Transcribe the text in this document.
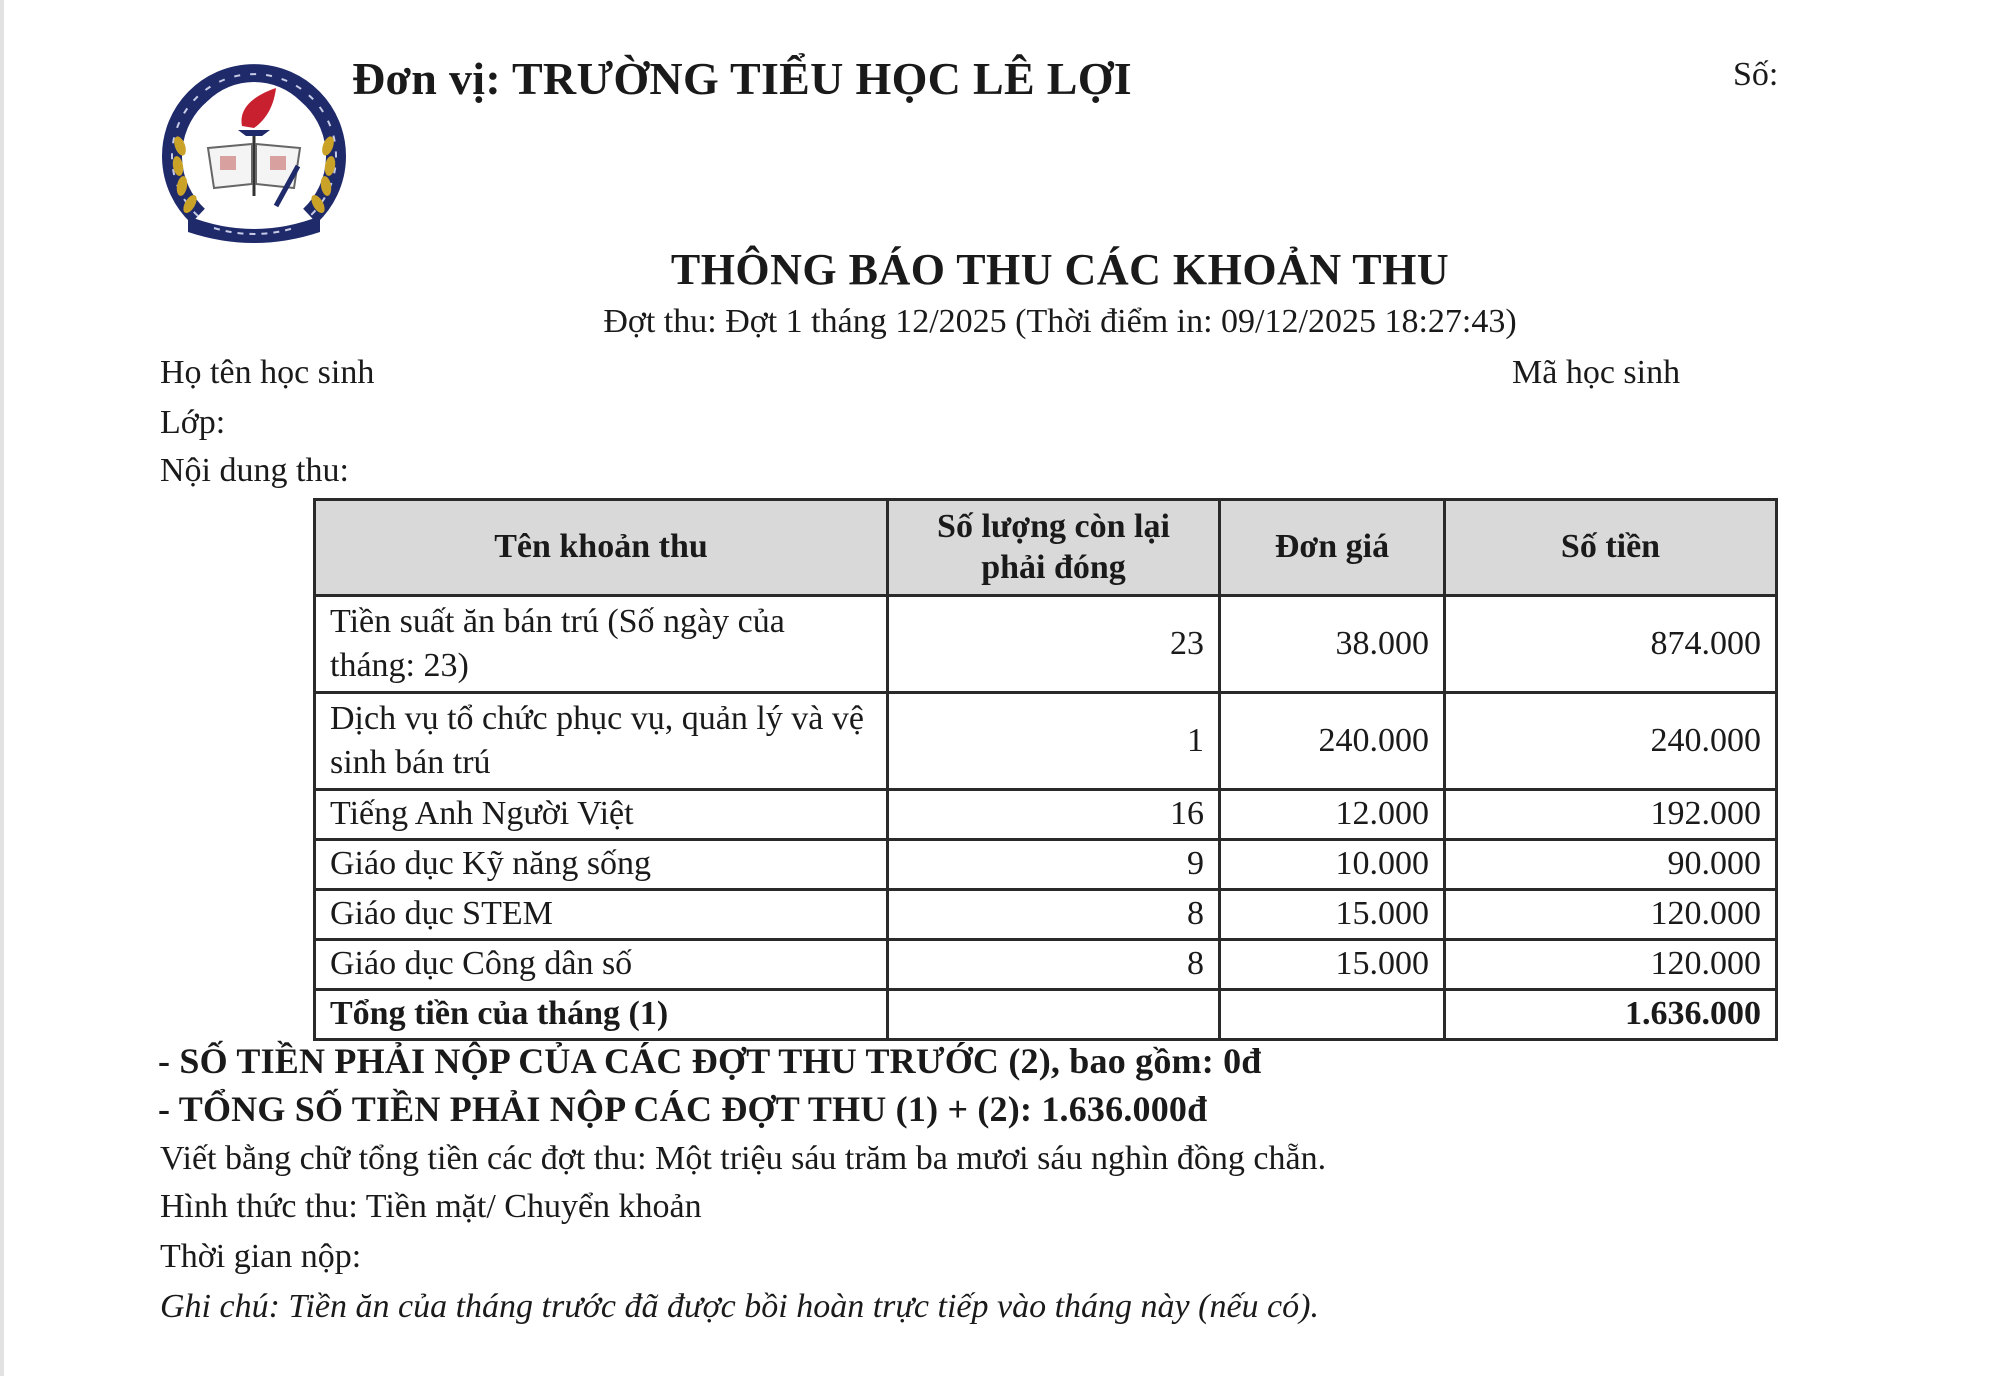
Đơn vị: TRƯỜNG TIỂU HỌC LÊ LỢI	Số:
THÔNG BÁO THU CÁC KHOẢN THU
Đợt thu: Đợt 1 tháng 12/2025 (Thời điểm in: 09/12/2025 18:27:43)
Họ tên học sinh	Mã học sinh
Lớp:
Nội dung thu:
Tên khoản thu	Số lượng còn lại phải đóng	Đơn giá	Số tiền
Tiền suất ăn bán trú (Số ngày của tháng: 23)	23	38.000	874.000
Dịch vụ tổ chức phục vụ, quản lý và vệ sinh bán trú	1	240.000	240.000
Tiếng Anh Người Việt	16	12.000	192.000
Giáo dục Kỹ năng sống	9	10.000	90.000
Giáo dục STEM	8	15.000	120.000
Giáo dục Công dân số	8	15.000	120.000
Tổng tiền của tháng (1)			1.636.000
- SỐ TIỀN PHẢI NỘP CỦA CÁC ĐỢT THU TRƯỚC (2), bao gồm: 0đ
- TỔNG SỐ TIỀN PHẢI NỘP CÁC ĐỢT THU (1) + (2): 1.636.000đ
Viết bằng chữ tổng tiền các đợt thu: Một triệu sáu trăm ba mươi sáu nghìn đồng chẵn.
Hình thức thu: Tiền mặt/ Chuyển khoản
Thời gian nộp:
Ghi chú: Tiền ăn của tháng trước đã được bồi hoàn trực tiếp vào tháng này (nếu có).
